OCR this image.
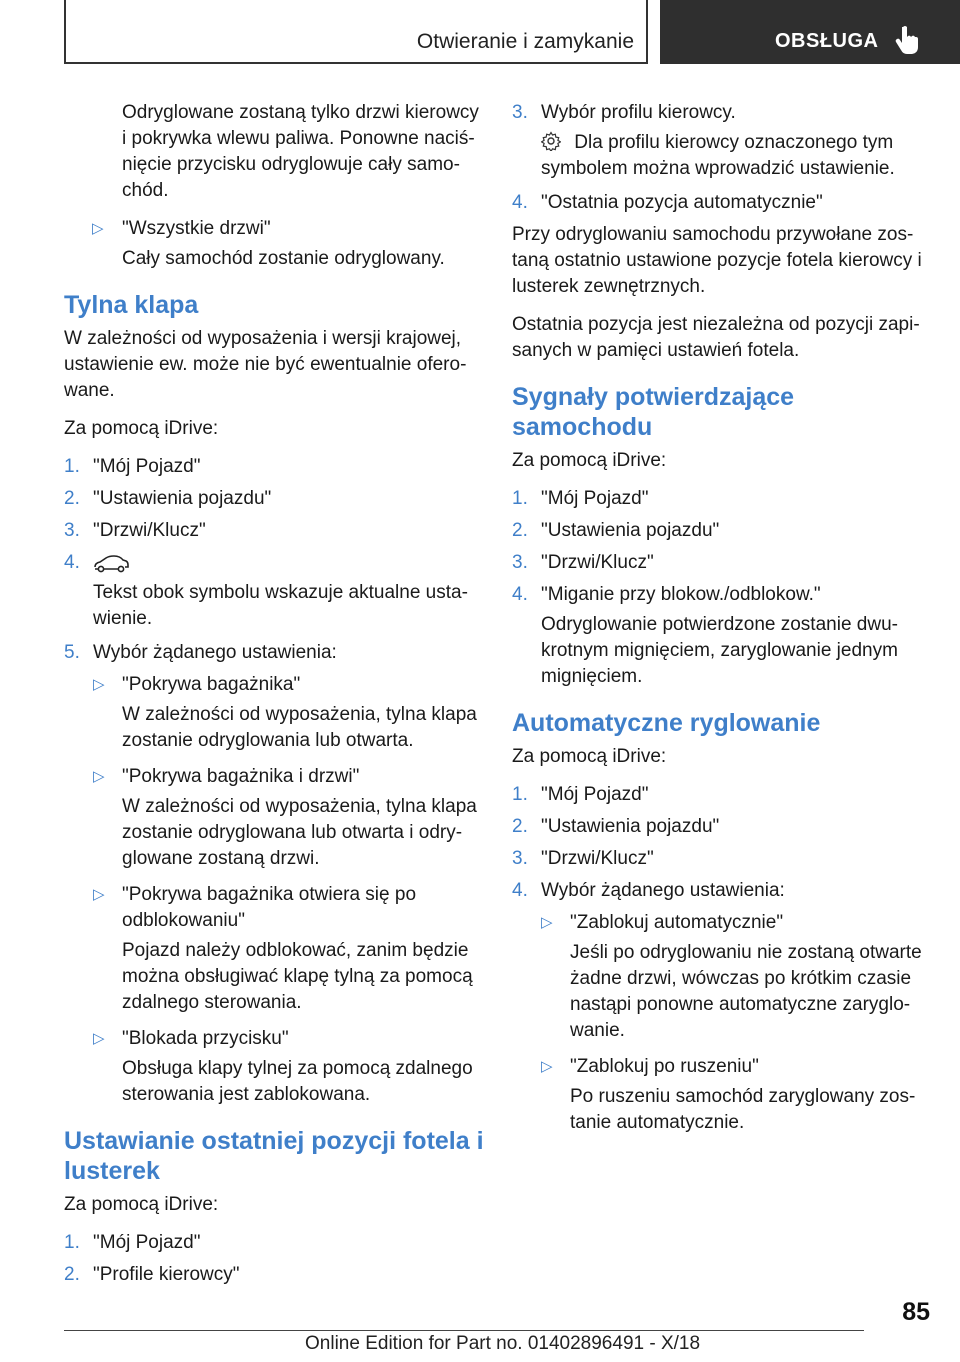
Otwieranie i zamykanie	OBSŁUGA

Odryglowane zostaną tylko drzwi kierowcy i pokrywka wlewu paliwa. Ponowne naciśnięcie przycisku odryglowuje cały samochód.

▷ "Wszystkie drzwi"
Cały samochód zostanie odryglowany.
Tylna klapa

W zależności od wyposażenia i wersji krajowej, ustawienie ew. może nie być ewentualnie oferowane.

Za pomocą iDrive:

1. "Mój Pojazd"
2. "Ustawienia pojazdu"
3. "Drzwi/Klucz"
4.
Tekst obok symbolu wskazuje aktualne ustawienie.
5. Wybór żądanego ustawienia:
▷ "Pokrywa bagażnika"
W zależności od wyposażenia, tylna klapa zostanie odryglowania lub otwarta.
▷ "Pokrywa bagażnika i drzwi"
W zależności od wyposażenia, tylna klapa zostanie odryglowana lub otwarta i odryglowane zostaną drzwi.
▷ "Pokrywa bagażnika otwiera się po odblokowaniu"
Pojazd należy odblokować, zanim będzie można obsługiwać klapę tylną za pomocą zdalnego sterowania.
▷ "Blokada przycisku"
Obsługa klapy tylnej za pomocą zdalnego sterowania jest zablokowana.
Ustawianie ostatniej pozycji fotela i lusterek

Za pomocą iDrive:

1. "Mój Pojazd"
2. "Profile kierowcy"
3. Wybór profilu kierowcy.
Dla profilu kierowcy oznaczonego tym symbolem można wprowadzić ustawienie.
4. "Ostatnia pozycja automatycznie"

Przy odryglowaniu samochodu przywołane zostaną ostatnio ustawione pozycje fotela kierowcy i lusterek zewnętrznych.

Ostatnia pozycja jest niezależna od pozycji zapisanych w pamięci ustawień fotela.

Sygnały potwierdzające samochodu

Za pomocą iDrive:

1. "Mój Pojazd"
2. "Ustawienia pojazdu"
3. "Drzwi/Klucz"
4. "Miganie przy blokow./odblokow."
Odryglowanie potwierdzone zostanie dwukrotnym mignięciem, zaryglowanie jednym mignięciem.
Automatyczne ryglowanie

Za pomocą iDrive:

1. "Mój Pojazd"
2. "Ustawienia pojazdu"
3. "Drzwi/Klucz"
4. Wybór żądanego ustawienia:
▷ "Zablokuj automatycznie"
Jeśli po odryglowaniu nie zostaną otwarte żadne drzwi, wówczas po krótkim czasie nastąpi ponowne automatyczne zaryglowanie.
▷ "Zablokuj po ruszeniu"
Po ruszeniu samochód zaryglowany zostanie automatycznie.
85
Online Edition for Part no. 01402896491 - X/18
